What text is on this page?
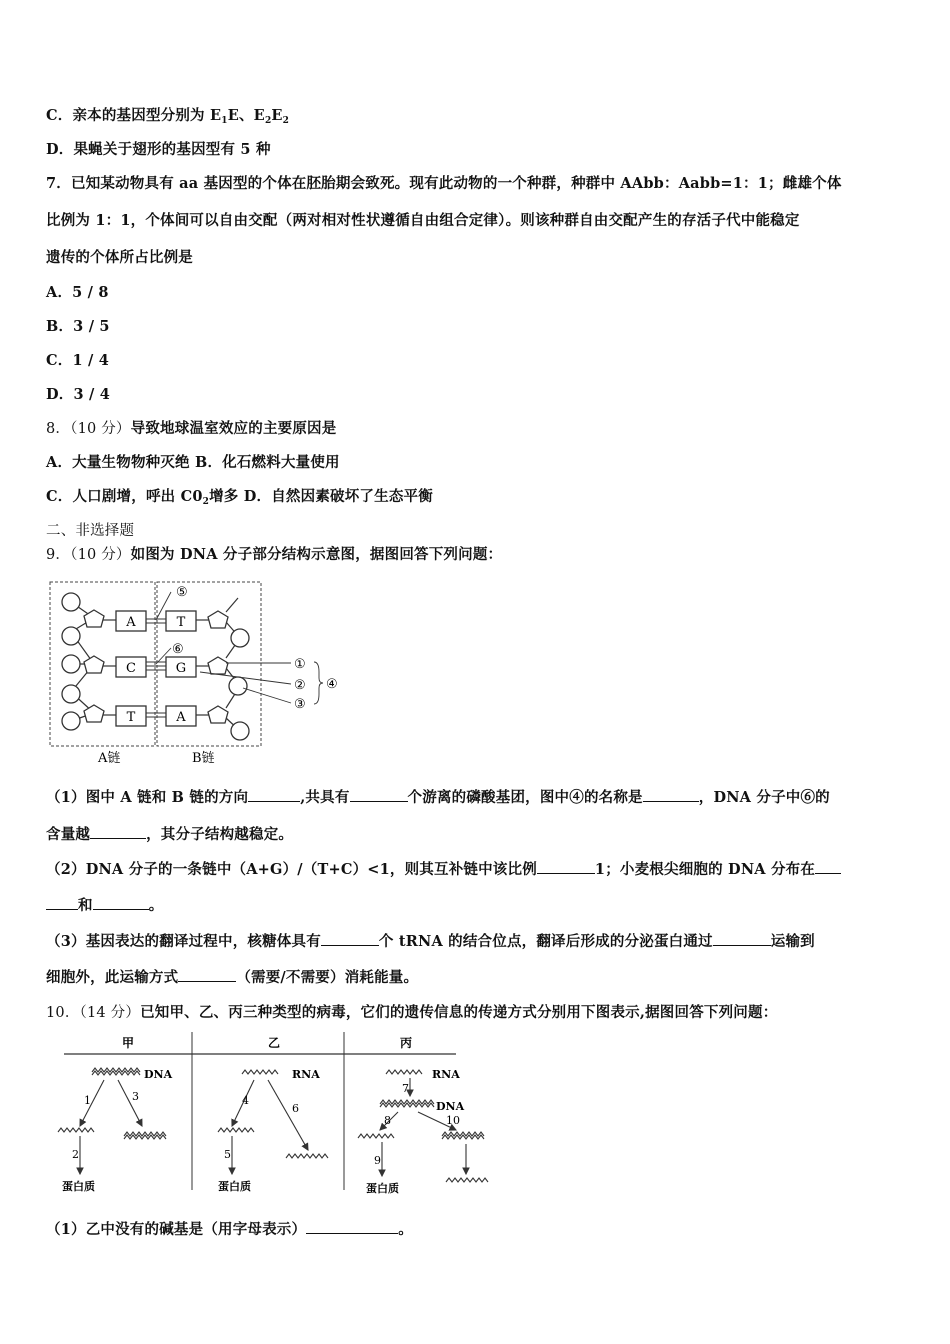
C．亲本的基因型分别为 $E_1E$、$E_2E_2$
D．果蝇关于翅形的基因型有 5 种
7．已知某动物具有 aa 基因型的个体在胚胎期会致死。现有此动物的一个种群，种群中 AAbb：Aabb=1：1；雌雄个体
比例为 1：1，个体间可以自由交配（两对相对性状遵循自由组合定律）。则该种群自由交配产生的存活子代中能稳定
遗传的个体所占比例是
A．5 / 8
B．3 / 5
C．1 / 4
D．3 / 4
8．（10 分）导致地球温室效应的主要原因是
A．大量生物物种灭绝 B．化石燃料大量使用
C．人口剧增，呼出 $C0_2$增多 D．自然因素破坏了生态平衡
二、非选择题
9．（10 分）如图为 DNA 分子部分结构示意图，据图回答下列问题：
A
C
T
T
G
A
⑤
⑥
①
②
③
④
A链	B链
（1）图中 A 链和 B 链的方向	,共具有	个游离的磷酸基团，图中④的名称是	，DNA 分子中⑥的
含量越	，其分子结构越稳定。
（2）DNA 分子的一条链中（A+G）/（T+C）<1，则其互补链中该比例	1；小麦根尖细胞的 DNA 分布在
和	。
（3）基因表达的翻译过程中，核糖体具有	个 tRNA 的结合位点，翻译后形成的分泌蛋白通过	运输到
细胞外，此运输方式	（需要/不需要）消耗能量。
10．（14 分）已知甲、乙、丙三种类型的病毒，它们的遗传信息的传递方式分别用下图表示,据图回答下列问题：
甲	乙	丙
DNA
1	3
2
蛋白质
RNA
4
6
5
蛋白质
RNA
7
DNA
8	10
9
蛋白质
（1）乙中没有的碱基是（用字母表示）	。
